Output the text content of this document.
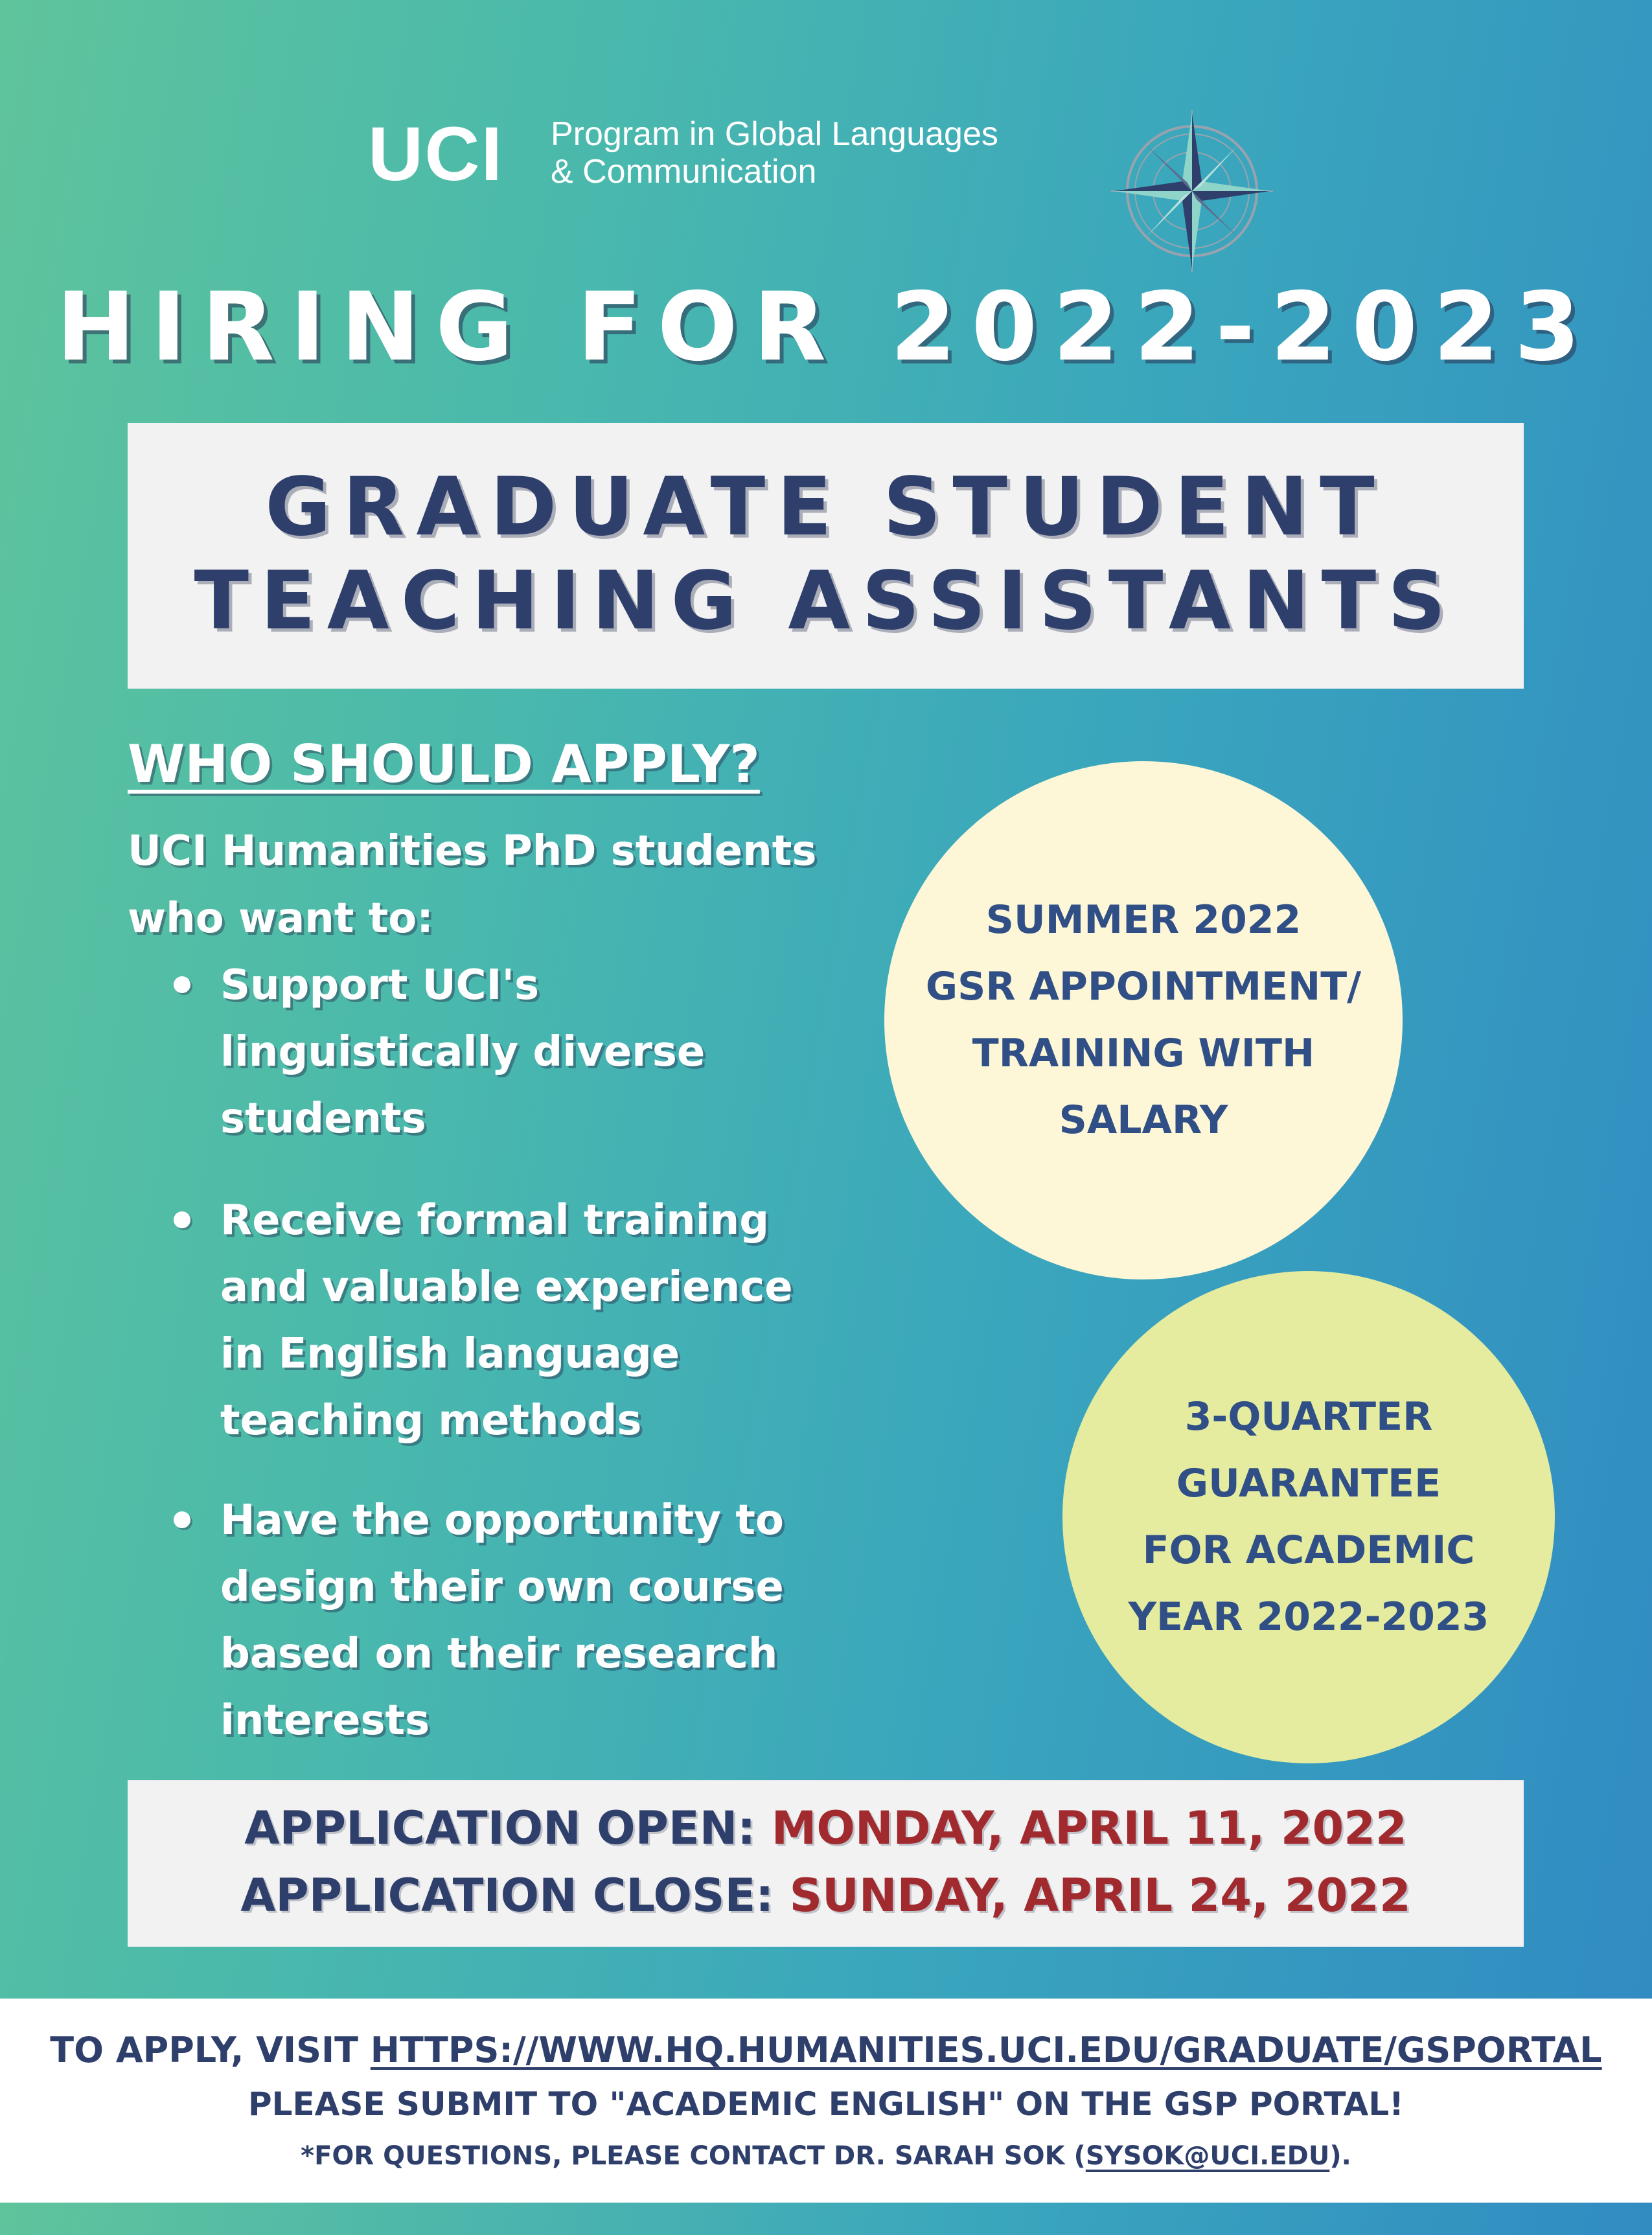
UCI	Program in Global Languages
& Communication
HIRING FOR 2022-2023
GRADUATE STUDENT
TEACHING ASSISTANTS
WHO SHOULD APPLY?
UCI Humanities PhD students
who want to:
Support UCI's
linguistically diverse
students
Receive formal training
and valuable experience
in English language
teaching methods
Have the opportunity to
design their own course
based on their research
interests
SUMMER 2022
GSR APPOINTMENT/
TRAINING WITH
SALARY
3-QUARTER
GUARANTEE
FOR ACADEMIC
YEAR 2022-2023
APPLICATION OPEN: MONDAY, APRIL 11, 2022
APPLICATION CLOSE: SUNDAY, APRIL 24, 2022
TO APPLY, VISIT HTTPS://WWW.HQ.HUMANITIES.UCI.EDU/GRADUATE/GSPORTAL
PLEASE SUBMIT TO "ACADEMIC ENGLISH" ON THE GSP PORTAL!
*FOR QUESTIONS, PLEASE CONTACT DR. SARAH SOK (SYSOK@UCI.EDU).
